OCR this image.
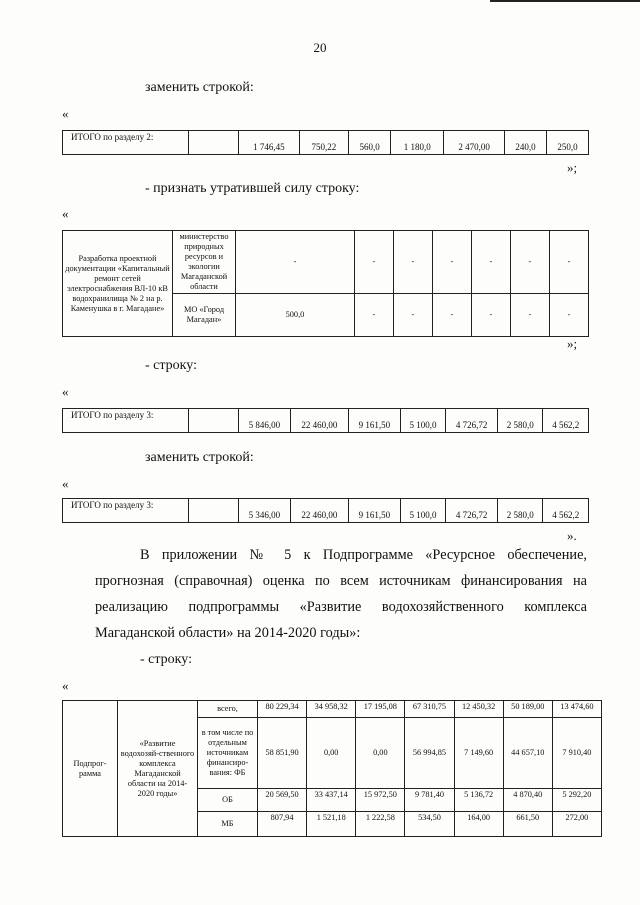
20
заменить строкой:
«
ИТОГО по разделу 2:		1 746,45	750,22	560,0	1 180,0	2 470,00	240,0	250,0
»;
- признать утратившей силу строку:
«
Разработка проектной документации «Капитальный ремонт сетей электроснабжения ВЛ-10 кВ водохранилища № 2 на р. Каменушка в г. Магадане»	министерство природных ресурсов и экологии Магаданской области	-	-	-	-	-	-	-
	МО «Город Магадан»	500,0	-	-	-	-	-	-
»;
- строку:
«
ИТОГО по разделу 3:		5 846,00	22 460,00	9 161,50	5 100,0	4 726,72	2 580,0	4 562,2
заменить строкой:
«
ИТОГО по разделу 3:		5 346,00	22 460,00	9 161,50	5 100,0	4 726,72	2 580,0	4 562,2
».
В приложении № 5 к Подпрограмме «Ресурсное обеспечение,
прогнозная (справочная) оценка по всем источникам финансирования на
реализацию подпрограммы «Развитие водохозяйственного комплекса
Магаданской области» на 2014-2020 годы»:
- строку:
«
Подпрог-рамма	«Развитие водохозяй-ственного комплекса Магаданской области на 2014-2020 годы»	всего,	80 229,34	34 958,32	17 195,08	67 310,75	12 450,32	50 189,00	13 474,60
		в том числе по отдельным источникам финансиро-вания: ФБ	58 851,90	0,00	0,00	56 994,85	7 149,60	44 657,10	7 910,40
		ОБ	20 569,50	33 437,14	15 972,50	9 781,40	5 136,72	4 870,40	5 292,20
		МБ	807,94	1 521,18	1 222,58	534,50	164,00	661,50	272,00
